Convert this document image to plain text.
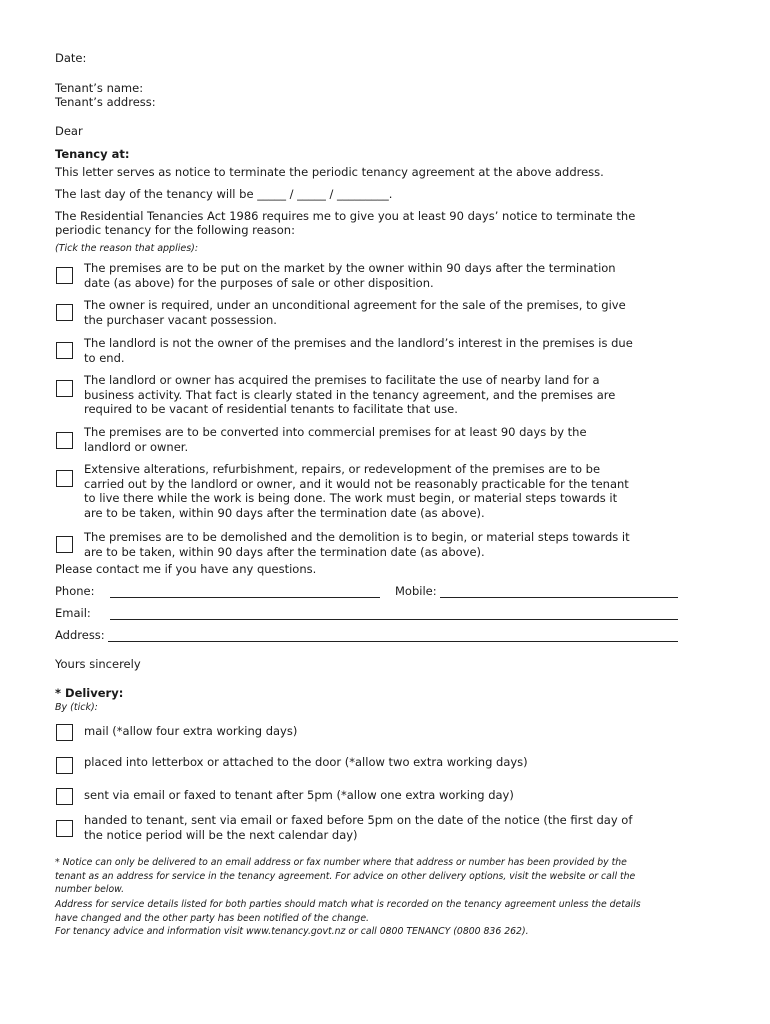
Date:
Tenant’s name:
Tenant’s address:
Dear
Tenancy at:
This letter serves as notice to terminate the periodic tenancy agreement at the above address.
The last day of the tenancy will be _____ / _____ / _________.
The Residential Tenancies Act 1986 requires me to give you at least 90 days’ notice to terminate the
periodic tenancy for the following reason:
(Tick the reason that applies):
The premises are to be put on the market by the owner within 90 days after the termination
date (as above) for the purposes of sale or other disposition.
The owner is required, under an unconditional agreement for the sale of the premises, to give
the purchaser vacant possession.
The landlord is not the owner of the premises and the landlord’s interest in the premises is due
to end.
The landlord or owner has acquired the premises to facilitate the use of nearby land for a
business activity. That fact is clearly stated in the tenancy agreement, and the premises are
required to be vacant of residential tenants to facilitate that use.
The premises are to be converted into commercial premises for at least 90 days by the
landlord or owner.
Extensive alterations, refurbishment, repairs, or redevelopment of the premises are to be
carried out by the landlord or owner, and it would not be reasonably practicable for the tenant
to live there while the work is being done. The work must begin, or material steps towards it
are to be taken, within 90 days after the termination date (as above).
The premises are to be demolished and the demolition is to begin, or material steps towards it
are to be taken, within 90 days after the termination date (as above).
Please contact me if you have any questions.
Phone:	Mobile:
Email:
Address:
Yours sincerely
* Delivery:
By (tick):
mail (*allow four extra working days)
placed into letterbox or attached to the door (*allow two extra working days)
sent via email or faxed to tenant after 5pm (*allow one extra working day)
handed to tenant, sent via email or faxed before 5pm on the date of the notice (the first day of
the notice period will be the next calendar day)
* Notice can only be delivered to an email address or fax number where that address or number has been provided by the
tenant as an address for service in the tenancy agreement. For advice on other delivery options, visit the website or call the
number below.
Address for service details listed for both parties should match what is recorded on the tenancy agreement unless the details
have changed and the other party has been notified of the change.
For tenancy advice and information visit www.tenancy.govt.nz or call 0800 TENANCY (0800 836 262).
